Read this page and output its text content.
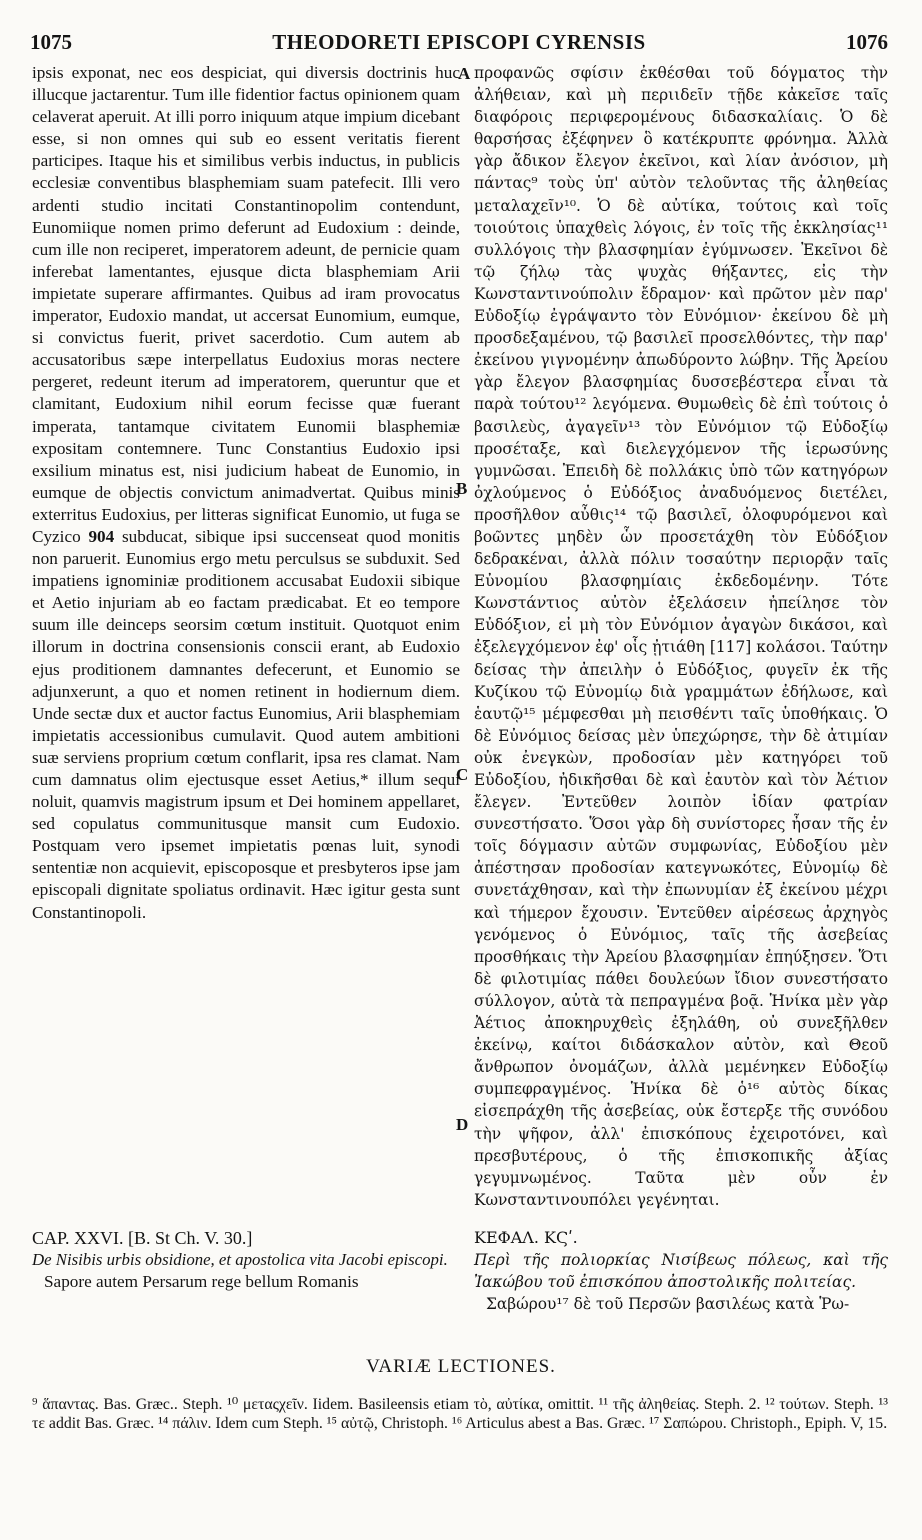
1075	THEODORETI EPISCOPI CYRENSIS	1076

ipsis exponat, nec eos despiciat, qui diversis doctrinis huc illucque jactarentur. Tum ille fidentior factus opinionem quam celaverat aperuit. At illi porro iniquum atque impium dicebant esse, si non omnes qui sub eo essent veritatis fierent participes. Itaque his et similibus verbis inductus, in publicis ecclesiæ conventibus blasphemiam suam patefecit. Illi vero ardenti studio incitati Constantinopolim contendunt, Eunomiique nomen primo deferunt ad Eudoxium : deinde, cum ille non reciperet, imperatorem adeunt, de pernicie quam inferebat lamentantes, ejusque dicta blasphemiam Arii impietate superare affirmantes. Quibus ad iram provocatus imperator, Eudoxio mandat, ut accersat Eunomium, eumque, si convictus fuerit, privet sacerdotio. Cum autem ab accusatoribus sæpe interpellatus Eudoxius moras nectere pergeret, redeunt iterum ad imperatorem, queruntur que et clamitant, Eudoxium nihil eorum fecisse quæ fuerant imperata, tantamque civitatem Eunomii blasphemiæ expositam contemnere. Tunc Constantius Eudoxio ipsi exsilium minatus est, nisi judicium habeat de Eunomio, in eumque de objectis convictum animadvertat. Quibus minis exterritus Eudoxius, per litteras significat Eunomio, ut fuga se Cyzico 904 subducat, sibique ipsi succenseat quod monitis non paruerit. Eunomius ergo metu perculsus se subduxit. Sed impatiens ignominiæ proditionem accusabat Eudoxii sibique et Aetio injuriam ab eo factam prædicabat. Et eo tempore suum ille deinceps seorsim cœtum instituit. Quotquot enim illorum in doctrina consensionis conscii erant, ab Eudoxio ejus proditionem damnantes defecerunt, et Eunomio se adjunxerunt, a quo et nomen retinent in hodiernum diem. Unde sectæ dux et auctor factus Eunomius, Arii blasphemiam impietatis accessionibus cumulavit. Quod autem ambitioni suæ serviens proprium cœtum conflarit, ipsa res clamat. Nam cum damnatus olim ejectusque esset Aetius,* illum sequi noluit, quamvis magistrum ipsum et Dei hominem appellaret, sed copulatus communitusque mansit cum Eudoxio. Postquam vero ipsemet impietatis pœnas luit, synodi sententiæ non acquievit, episcoposque et presbyteros ipse jam episcopali dignitate spoliatus ordinavit. Hæc igitur gesta sunt Constantinopoli.

CAP. XXVI. [B. St Ch. V. 30.]

De Nisibis urbis obsidione, et apostolica vita Jacobi episcopi.

Sapore autem Persarum rege bellum Romanis

A
B
C
D

προφανῶς σφίσιν ἐκθέσθαι τοῦ δόγματος τὴν ἀλήθειαν, καὶ μὴ περιιδεῖν τῇδε κἀκεῖσε ταῖς διαφόροις περιφερομένους διδασκαλίαις. Ὁ δὲ θαρσήσας ἐξέφηνεν ὃ κατέκρυπτε φρόνημα. Ἀλλὰ γὰρ ἄδικον ἔλεγον ἐκεῖνοι, καὶ λίαν ἀνόσιον, μὴ πάντας⁹ τοὺς ὑπ' αὐτὸν τελοῦντας τῆς ἀληθείας μεταλαχεῖν¹⁰. Ὁ δὲ αὐτίκα, τούτοις καὶ τοῖς τοιούτοις ὑπαχθεὶς λόγοις, ἐν τοῖς τῆς ἐκκλησίας¹¹ συλλόγοις τὴν βλασφημίαν ἐγύμνωσεν. Ἐκεῖνοι δὲ τῷ ζήλῳ τὰς ψυχὰς θήξαντες, εἰς τὴν Κωνσταντινούπολιν ἔδραμον· καὶ πρῶτον μὲν παρ' Εὐδοξίῳ ἐγράψαντο τὸν Εὐνόμιον· ἐκείνου δὲ μὴ προσδεξαμένου, τῷ βασιλεῖ προσελθόντες, τὴν παρ' ἐκείνου γιγνομένην ἀπωδύροντο λώβην. Τῆς Ἀρείου γὰρ ἔλεγον βλασφημίας δυσσεβέστερα εἶναι τὰ παρὰ τούτου¹² λεγόμενα. Θυμωθεὶς δὲ ἐπὶ τούτοις ὁ βασιλεὺς, ἀγαγεῖν¹³ τὸν Εὐνόμιον τῷ Εὐδοξίῳ προσέταξε, καὶ διελεγχόμενον τῆς ἱερωσύνης γυμνῶσαι. Ἐπειδὴ δὲ πολλάκις ὑπὸ τῶν κατηγόρων ὀχλούμενος ὁ Εὐδόξιος ἀναδυόμενος διετέλει, προσῆλθον αὖθις¹⁴ τῷ βασιλεῖ, ὀλοφυρόμενοι καὶ βοῶντες μηδὲν ὧν προσετάχθη τὸν Εὐδόξιον δεδρακέναι, ἀλλὰ πόλιν τοσαύτην περιορᾷν ταῖς Εὐνομίου βλασφημίαις ἐκδεδομένην. Τότε Κωνστάντιος αὐτὸν ἐξελάσειν ἠπείλησε τὸν Εὐδόξιον, εἰ μὴ τὸν Εὐνόμιον ἀγαγὼν δικάσοι, καὶ ἐξελεγχόμενον ἐφ' οἷς ᾐτιάθη [117] κολάσοι. Ταύτην δείσας τὴν ἀπειλὴν ὁ Εὐδόξιος, φυγεῖν ἐκ τῆς Κυζίκου τῷ Εὐνομίῳ διὰ γραμμάτων ἐδήλωσε, καὶ ἑαυτῷ¹⁵ μέμφεσθαι μὴ πεισθέντι ταῖς ὑποθήκαις. Ὁ δὲ Εὐνόμιος δείσας μὲν ὑπεχώρησε, τὴν δὲ ἀτιμίαν οὐκ ἐνεγκὼν, προδοσίαν μὲν κατηγόρει τοῦ Εὐδοξίου, ἠδικῆσθαι δὲ καὶ ἑαυτὸν καὶ τὸν Ἀέτιον ἔλεγεν. Ἐντεῦθεν λοιπὸν ἰδίαν φατρίαν συνεστήσατο. Ὅσοι γὰρ δὴ συνίστορες ἦσαν τῆς ἐν τοῖς δόγμασιν αὐτῶν συμφωνίας, Εὐδοξίου μὲν ἀπέστησαν προδοσίαν κατεγνωκότες, Εὐνομίῳ δὲ συνετάχθησαν, καὶ τὴν ἐπωνυμίαν ἐξ ἐκείνου μέχρι καὶ τήμερον ἔχουσιν. Ἐντεῦθεν αἱρέσεως ἀρχηγὸς γενόμενος ὁ Εὐνόμιος, ταῖς τῆς ἀσεβείας προσθήκαις τὴν Ἀρείου βλασφημίαν ἐπηύξησεν. Ὅτι δὲ φιλοτιμίας πάθει δουλεύων ἴδιον συνεστήσατο σύλλογον, αὐτὰ τὰ πεπραγμένα βοᾷ. Ἡνίκα μὲν γὰρ Ἀέτιος ἀποκηρυχθεὶς ἐξηλάθη, οὐ συνεξῆλθεν ἐκείνῳ, καίτοι διδάσκαλον αὐτὸν, καὶ Θεοῦ ἄνθρωπον ὀνομάζων, ἀλλὰ μεμένηκεν Εὐδοξίῳ συμπεφραγμένος. Ἡνίκα δὲ ὁ¹⁶ αὐτὸς δίκας εἰσεπράχθη τῆς ἀσεβείας, οὐκ ἔστερξε τῆς συνόδου τὴν ψῆφον, ἀλλ' ἐπισκόπους ἐχειροτόνει, καὶ πρεσβυτέρους, ὁ τῆς ἐπισκοπικῆς ἀξίας γεγυμνωμένος. Ταῦτα μὲν οὖν ἐν Κωνσταντινουπόλει γεγένηται.

ΚΕΦΑΛ. ΚϚʹ.

Περὶ τῆς πολιορκίας Νισίβεως πόλεως, καὶ τῆς Ἰακώβου τοῦ ἐπισκόπου ἀποστολικῆς πολιτείας.

Σαβώρου¹⁷ δὲ τοῦ Περσῶν βασιλέως κατὰ Ῥω-

VARIÆ LECTIONES.
⁹ ἅπαντας. Bas. Græc.. Steph. ¹⁰ μεταςχεῖν. Iidem. Basileensis etiam τὸ, αὐτίκα, omittit. ¹¹ τῆς ἀληθείας. Steph. 2. ¹² τούτων. Steph. ¹³ τε addit Bas. Græc. ¹⁴ πάλιν. Idem cum Steph. ¹⁵ αὐτῷ, Christoph. ¹⁶ Articulus abest a Bas. Græc. ¹⁷ Σαπώρου. Christoph., Epiph. V, 15.
